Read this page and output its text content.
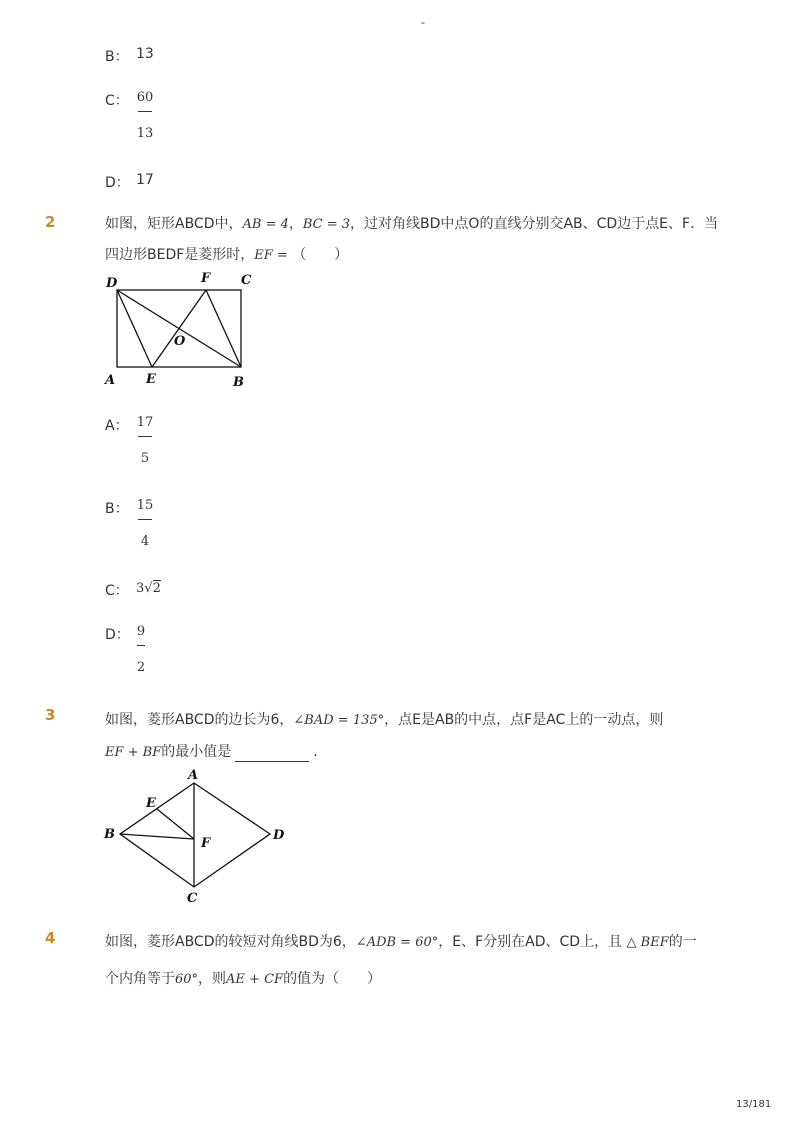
-
B： 13
C： 60
13
D： 17
2	如图，矩形ABCD中，AB = 4，BC = 3，过对角线BD中点O的直线分别交AB、CD边于点E、F．当
四边形BEDF是菱形时，EF = （　　）
D	F C
O
A E	B
A： 17
5
B： 15
4
C： 3√2
D： 9
2
3	如图，菱形ABCD的边长为6，∠BAD = 135°，点E是AB的中点，点F是AC上的一动点，则
EF + BF的最小值是	.
A
E
B
F
D
C
4	如图，菱形ABCD的较短对角线BD为6，∠ADB = 60°，E、F分别在AD、CD上，且 △ BEF的一
个内角等于60°，则AE + CF的值为（　　）
13/181
